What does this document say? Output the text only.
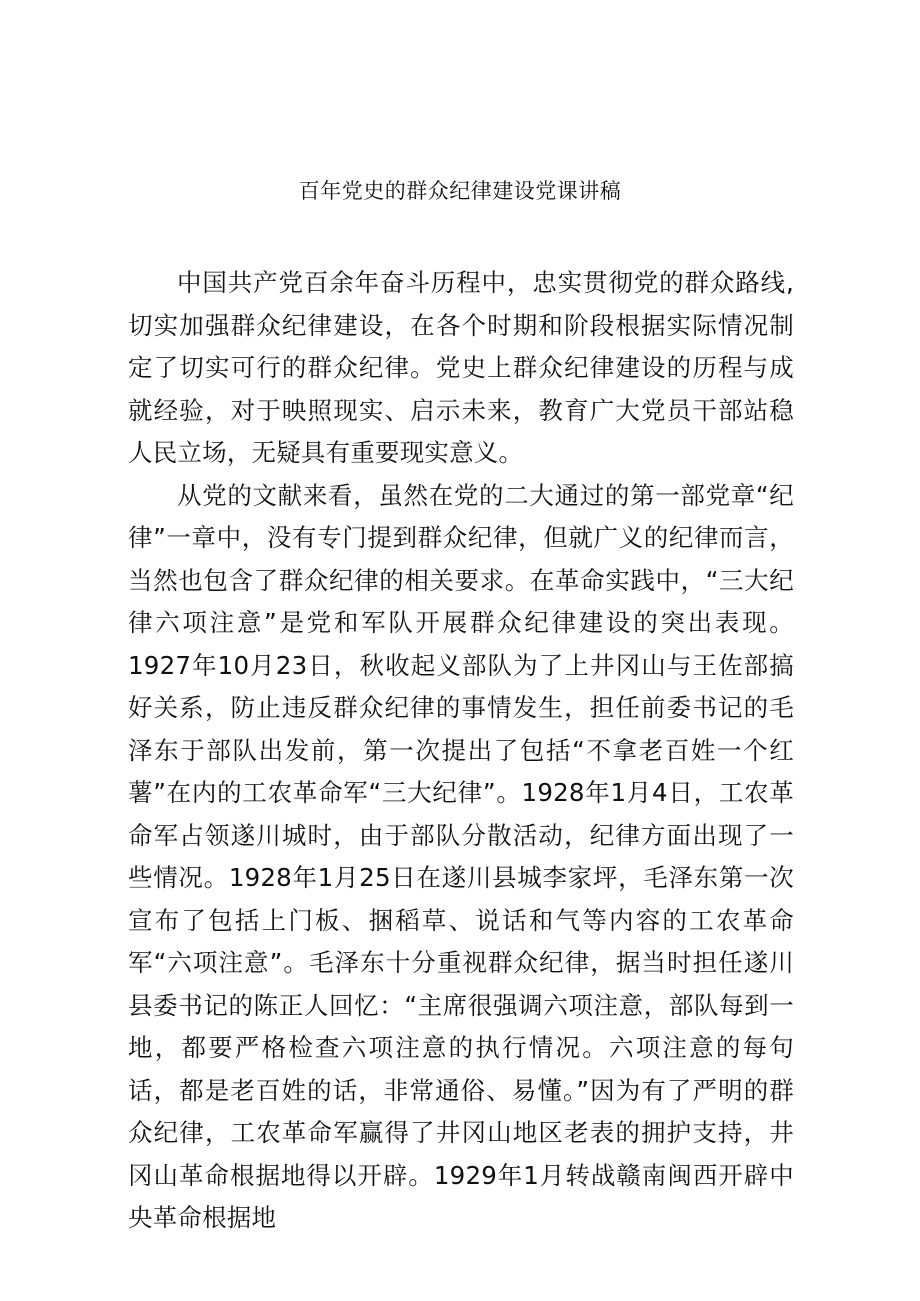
百年党史的群众纪律建设党课讲稿

中国共产党百余年奋斗历程中，忠实贯彻党的群众路线,切实加强群众纪律建设，在各个时期和阶段根据实际情况制定了切实可行的群众纪律。党史上群众纪律建设的历程与成就经验，对于映照现实、启示未来，教育广大党员干部站稳人民立场，无疑具有重要现实意义。

从党的文献来看，虽然在党的二大通过的第一部党章“纪律”一章中，没有专门提到群众纪律，但就广义的纪律而言，当然也包含了群众纪律的相关要求。在革命实践中，“三大纪律六项注意”是党和军队开展群众纪律建设的突出表现。1927年10月23日，秋收起义部队为了上井冈山与王佐部搞好关系，防止违反群众纪律的事情发生，担任前委书记的毛泽东于部队出发前，第一次提出了包括“不拿老百姓一个红薯”在内的工农革命军“三大纪律”。1928年1月4日，工农革命军占领遂川城时，由于部队分散活动，纪律方面出现了一些情况。1928年1月25日在遂川县城李家坪，毛泽东第一次宣布了包括上门板、捆稻草、说话和气等内容的工农革命军“六项注意”。毛泽东十分重视群众纪律，据当时担任遂川县委书记的陈正人回忆：“主席很强调六项注意，部队每到一地，都要严格检查六项注意的执行情况。六项注意的每句话，都是老百姓的话，非常通俗、易懂。”因为有了严明的群众纪律，工农革命军赢得了井冈山地区老表的拥护支持，井冈山革命根据地得以开辟。1929年1月转战赣南闽西开辟中央革命根据地
